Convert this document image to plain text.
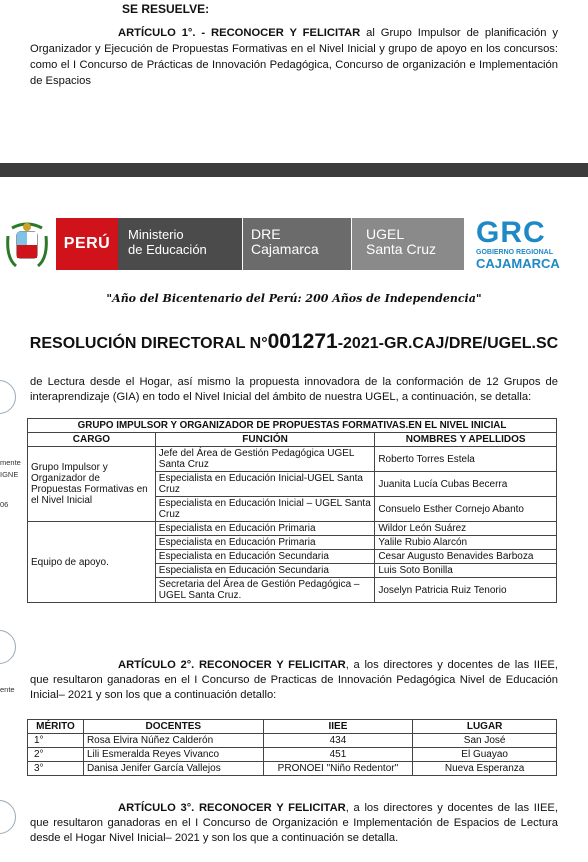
SE RESUELVE:
ARTÍCULO 1°. - RECONOCER Y FELICITAR al Grupo Impulsor de planificación y Organizador y Ejecución de Propuestas Formativas en el Nivel Inicial y grupo de apoyo en los concursos: como el I Concurso de Prácticas de Innovación Pedagógica, Concurso de organización e Implementación de Espacios
PERÚ
Ministerio
de Educación
DRE
Cajamarca
UGEL
Santa Cruz	GRC
GOBIERNO REGIONAL
CAJAMARCA
"Año del Bicentenario del Perú: 200 Años de Independencia"
RESOLUCIÓN DIRECTORAL N°001271-2021-GR.CAJ/DRE/UGEL.SC
mente
IGNE
06
ente
de Lectura desde el Hogar, así mismo la propuesta innovadora de la conformación de 12 Grupos de interaprendizaje (GIA) en todo el Nivel Inicial del ámbito de nuestra UGEL, a continuación, se detalla:
GRUPO IMPULSOR Y ORGANIZADOR DE PROPUESTAS FORMATIVAS.EN EL NIVEL INICIAL		
CARGO	FUNCIÓN	NOMBRES Y APELLIDOS
Grupo Impulsor y Organizador de Propuestas Formativas en el Nivel Inicial	Jefe del Área de Gestión Pedagógica UGEL Santa Cruz	Roberto Torres Estela
	Especialista en Educación Inicial-UGEL Santa Cruz	Juanita Lucía Cubas Becerra
	Especialista en Educación Inicial – UGEL Santa Cruz	Consuelo Esther Cornejo Abanto
Equipo de apoyo.	Especialista en Educación Primaria	Wildor León Suárez
	Especialista en Educación Primaria	Yalile Rubio Alarcón
	Especialista en Educación Secundaria	Cesar Augusto Benavides Barboza
	Especialista en Educación Secundaria	Luis Soto Bonilla
	Secretaria del Área de Gestión Pedagógica – UGEL Santa Cruz.	Joselyn Patricia Ruiz Tenorio
ARTÍCULO 2°. RECONOCER Y FELICITAR, a los directores y docentes de las IIEE, que resultaron ganadoras en el I Concurso de Practicas de Innovación Pedagógica Nivel de Educación Inicial– 2021 y son los que a continuación detallo:
MÉRITO	DOCENTES	IIEE	LUGAR
1°	Rosa Elvira Núñez Calderón	434	San José
2°	Lili Esmeralda Reyes Vivanco	451	El Guayao
3°	Danisa Jenifer García Vallejos	PRONOEI "Niño Redentor"	Nueva Esperanza
ARTÍCULO 3°. RECONOCER Y FELICITAR, a los directores y docentes de las IIEE, que resultaron ganadoras en el I Concurso de Organización e Implementación de Espacios de Lectura desde el Hogar Nivel Inicial– 2021 y son los que a continuación se detalla.
